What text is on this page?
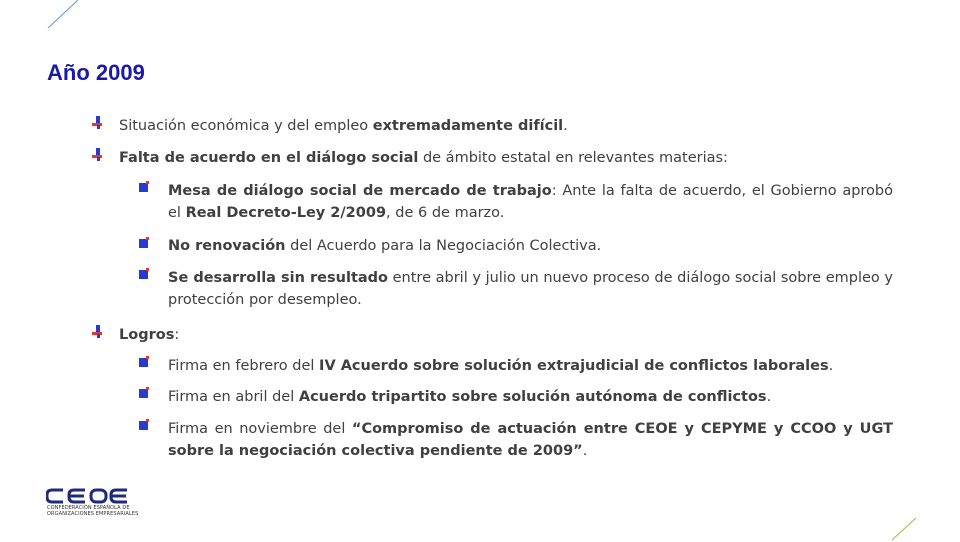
Año 2009
Situación económica y del empleo extremadamente difícil.
Falta de acuerdo en el diálogo social de ámbito estatal en relevantes materias:
Mesa de diálogo social de mercado de trabajo: Ante la falta de acuerdo, el Gobierno aprobó el Real Decreto-Ley 2/2009, de 6 de marzo.
No renovación del Acuerdo para la Negociación Colectiva.
Se desarrolla sin resultado entre abril y julio un nuevo proceso de diálogo social sobre empleo y protección por desempleo.
Logros:
Firma en febrero del IV Acuerdo sobre solución extrajudicial de conflictos laborales.
Firma en abril del Acuerdo tripartito sobre solución autónoma de conflictos.
Firma en noviembre del “Compromiso de actuación entre CEOE y CEPYME y CCOO y UGT sobre la negociación colectiva pendiente de 2009”.
CONFEDERACIÓN ESPAÑOLA DE ORGANIZACIONES EMPRESARIALES
